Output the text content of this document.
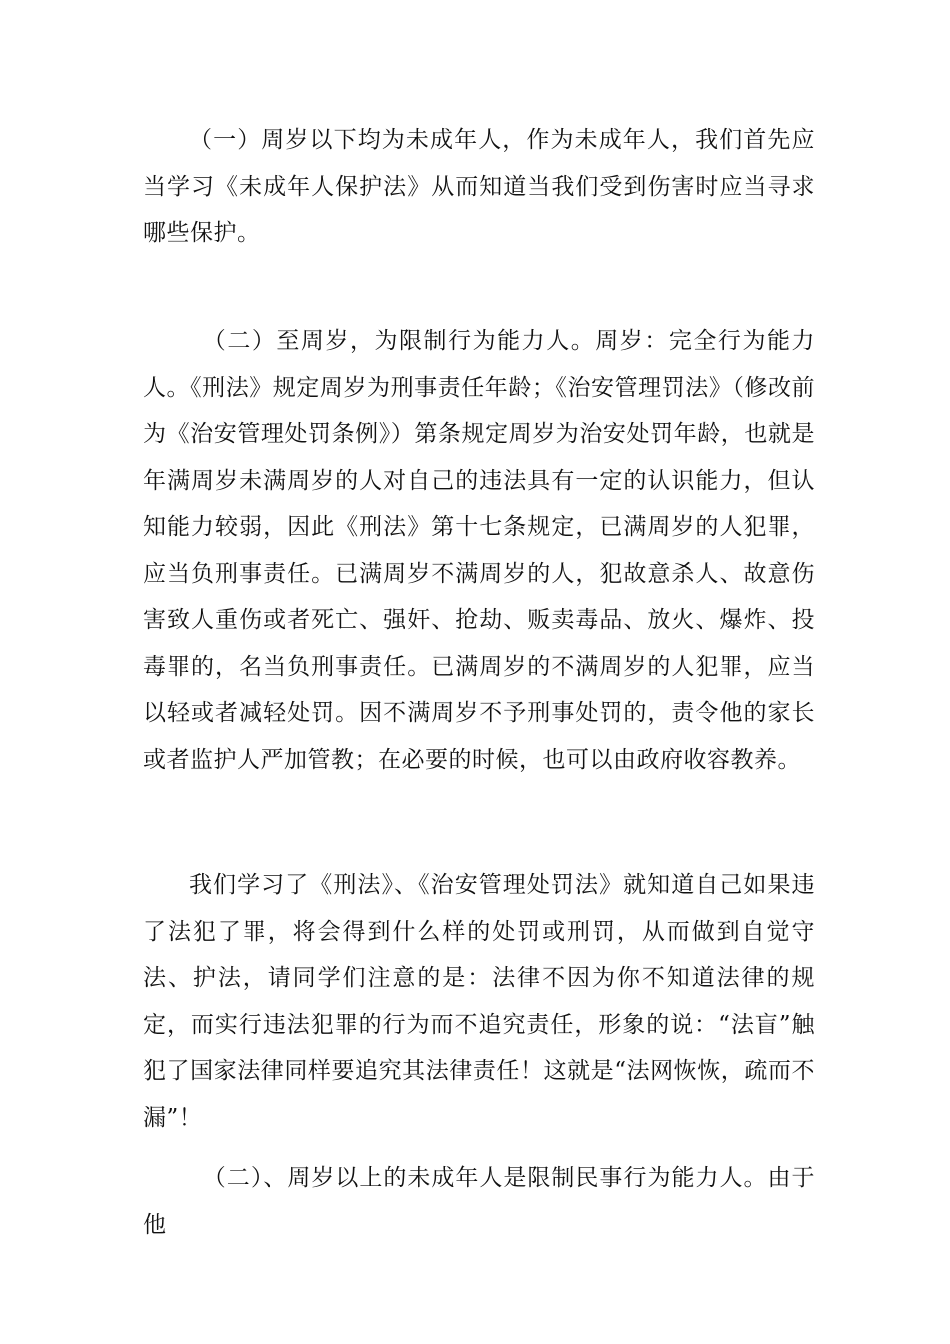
（一）周岁以下均为未成年人，作为未成年人，我们首先应当学习《未成年人保护法》从而知道当我们受到伤害时应当寻求哪些保护。

（二）至周岁，为限制行为能力人。周岁：完全行为能力人。《刑法》规定周岁为刑事责任年龄；《治安管理罚法》（修改前为《治安管理处罚条例》）第条规定周岁为治安处罚年龄，也就是年满周岁未满周岁的人对自己的违法具有一定的认识能力，但认知能力较弱，因此《刑法》第十七条规定，已满周岁的人犯罪，应当负刑事责任。已满周岁不满周岁的人，犯故意杀人、故意伤害致人重伤或者死亡、强奸、抢劫、贩卖毒品、放火、爆炸、投毒罪的，名当负刑事责任。已满周岁的不满周岁的人犯罪，应当以轻或者减轻处罚。因不满周岁不予刑事处罚的，责令他的家长或者监护人严加管教；在必要的时候，也可以由政府收容教养。

我们学习了《刑法》、《治安管理处罚法》就知道自己如果违了法犯了罪，将会得到什么样的处罚或刑罚，从而做到自觉守法、护法，请同学们注意的是：法律不因为你不知道法律的规定，而实行违法犯罪的行为而不追究责任，形象的说：“法盲”触犯了国家法律同样要追究其法律责任！这就是“法网恢恢，疏而不漏”！

（二）、周岁以上的未成年人是限制民事行为能力人。由于他
